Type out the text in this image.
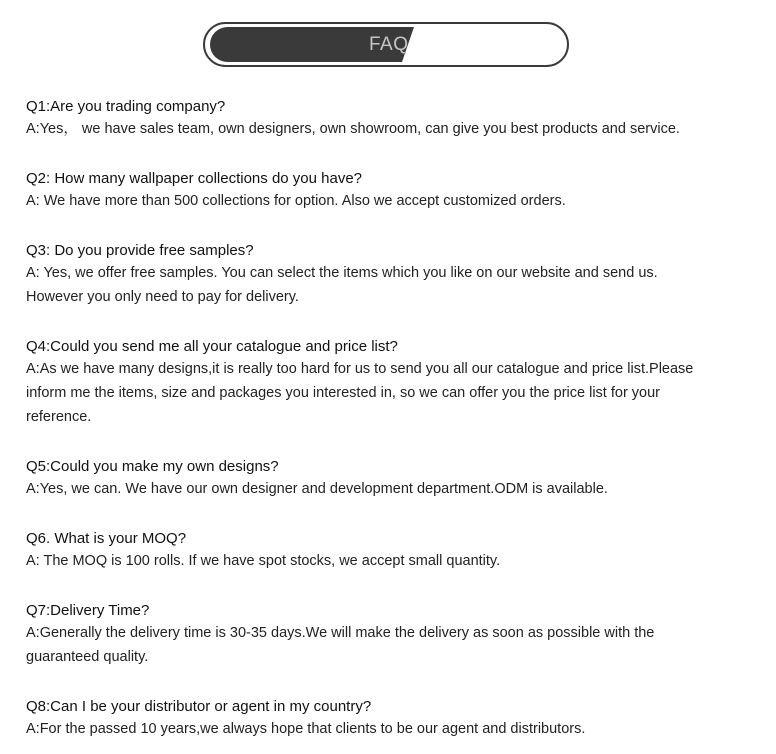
FAQ

Q1:Are you trading company?

A:Yes， we have sales team, own designers, own showroom, can give you best products and service.

Q2: How many wallpaper collections do you have?

A: We have more than 500 collections for option. Also we accept customized orders.

Q3: Do you provide free samples?

A: Yes, we offer free samples. You can select the items which you like on our website and send us.
However you only need to pay for delivery.

Q4:Could you send me all your catalogue and price list?

A:As we have many designs,it is really too hard for us to send you all our catalogue and price list.Please
inform me the items, size and packages you interested in, so we can offer you the price list for your
reference.

Q5:Could you make my own designs?

A:Yes, we can. We have our own designer and development department.ODM is available.

Q6. What is your MOQ?

A: The MOQ is 100 rolls. If we have spot stocks, we accept small quantity.

Q7:Delivery Time?

A:Generally the delivery time is 30-35 days.We will make the delivery as soon as possible with the
guaranteed quality.

Q8:Can I be your distributor or agent in my country?

A:For the passed 10 years,we always hope that clients to be our agent and distributors.
